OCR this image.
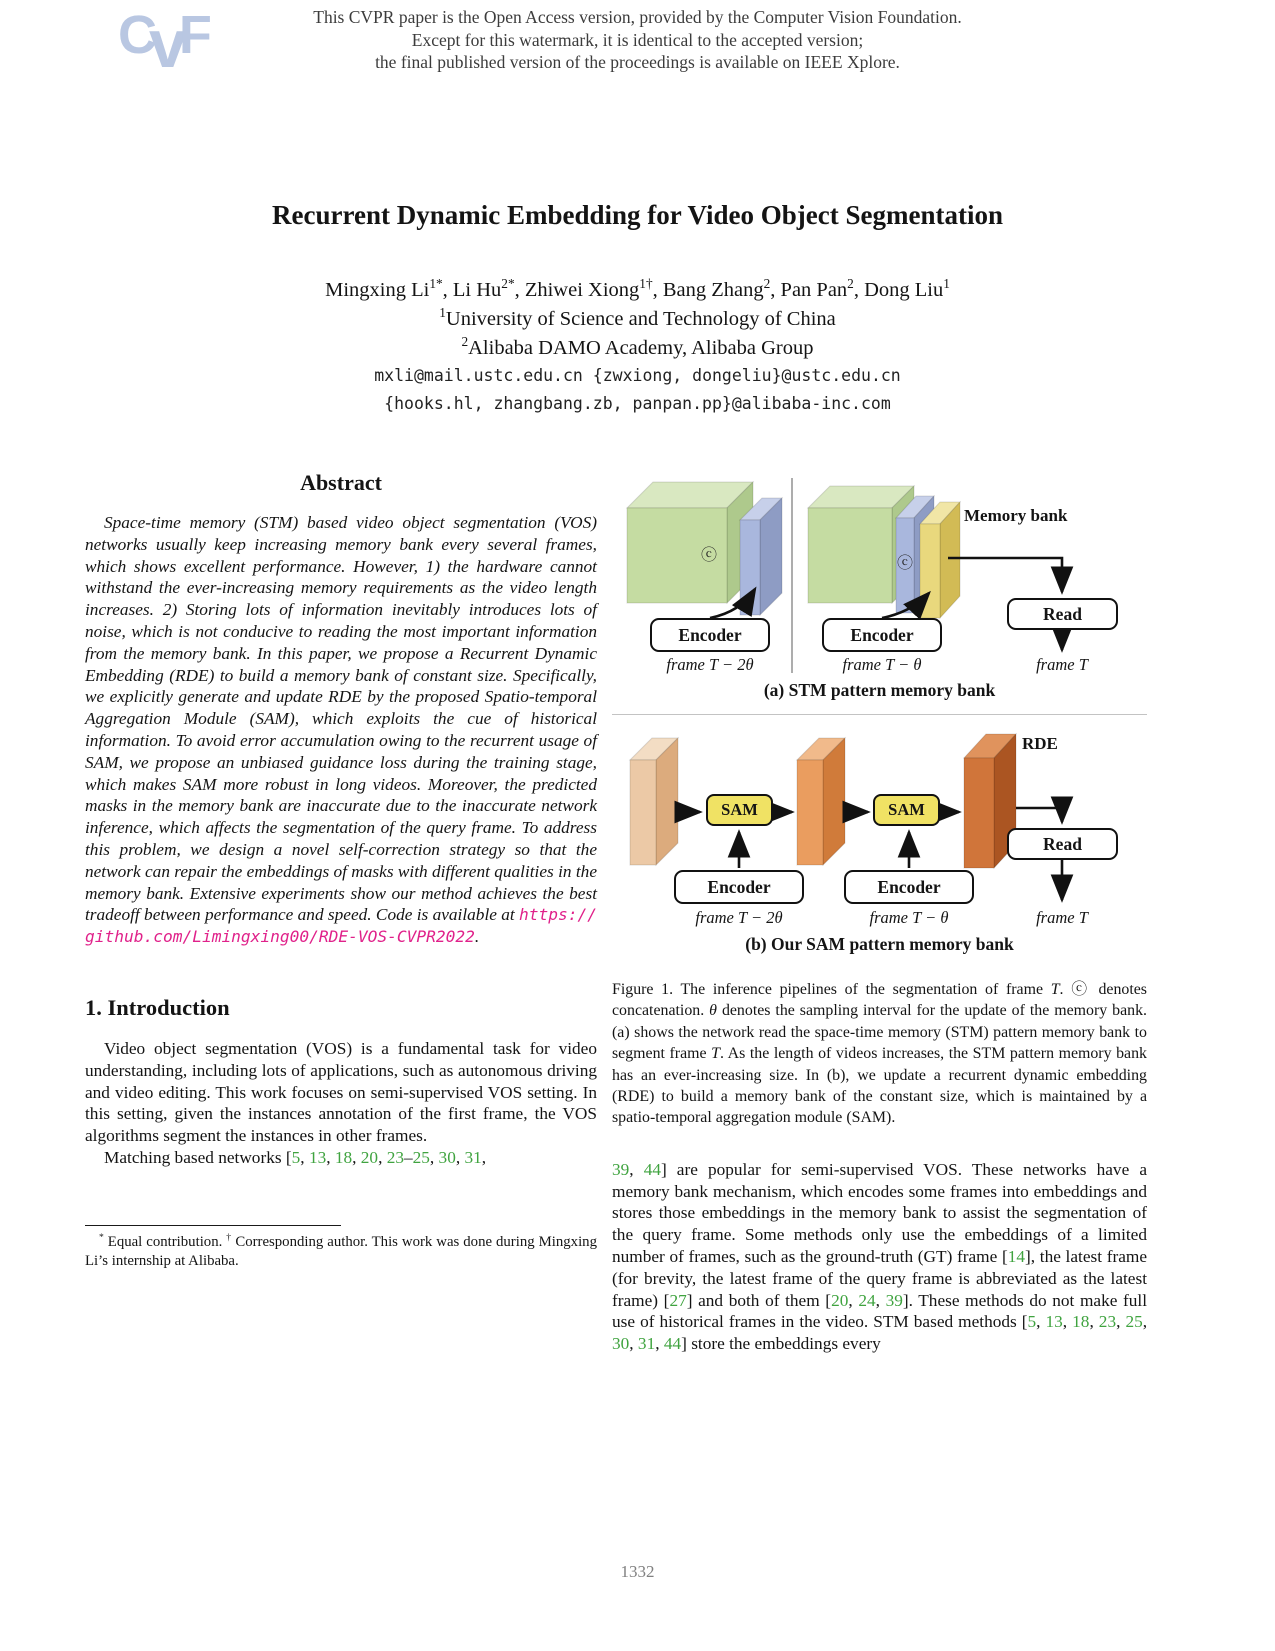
CvF	This CVPR paper is the Open Access version, provided by the Computer Vision Foundation.
Except for this watermark, it is identical to the accepted version;
the final published version of the proceedings is available on IEEE Xplore.
Recurrent Dynamic Embedding for Video Object Segmentation

Mingxing $Li^{1*}$, Li $Hu^{2*}$, Zhiwei Xiong$^{1\dagger}$, Bang Zhang$^2$, Pan Pan$^2$, Dong Liu$^1$

$^1$University of Science and Technology of China

$^2$Alibaba DAMO Academy, Alibaba Group

mxli@mail.ustc.edu.cn {zwxiong, dongeliu}@ustc.edu.cn

{hooks.hl, zhangbang.zb, panpan.pp}@alibaba-inc.com

Abstract

Space-time memory (STM) based video object segmentation (VOS) networks usually keep increasing memory bank every several frames, which shows excellent performance. However, 1) the hardware cannot withstand the ever-increasing memory requirements as the video length increases. 2) Storing lots of information inevitably introduces lots of noise, which is not conducive to reading the most important information from the memory bank. In this paper, we propose a Recurrent Dynamic Embedding (RDE) to build a memory bank of constant size. Specifically, we explicitly generate and update RDE by the proposed Spatio-temporal Aggregation Module (SAM), which exploits the cue of historical information. To avoid error accumulation owing to the recurrent usage of SAM, we propose an unbiased guidance loss during the training stage, which makes SAM more robust in long videos. Moreover, the predicted masks in the memory bank are inaccurate due to the inaccurate network inference, which affects the segmentation of the query frame. To address this problem, we design a novel self-correction strategy so that the network can repair the embeddings of masks with different qualities in the memory bank. Extensive experiments show our method achieves the best tradeoff between performance and speed. Code is available at https://github.com/Limingxing00/RDE-VOS-CVPR2022.

1. Introduction

Video object segmentation (VOS) is a fundamental task for video understanding, including lots of applications, such as autonomous driving and video editing. This work focuses on semi-supervised VOS setting. In this setting, given the instances annotation of the first frame, the VOS algorithms segment the instances in other frames.

Matching based networks [5, 13, 18, 20, 23–25, 30, 31,

* Equal contribution. † Corresponding author. This work was done during Mingxing Li’s internship at Alibaba.

ⓒ	ⓒ
Memory bank
Encoder	Encoder
Read
frame T − 2θ	frame T − θ	frame T
(a) STM pattern memory bank
RDE
SAM	SAM
Encoder	Encoder
Read
frame T − 2θ	frame T − θ	frame T
(b) Our SAM pattern memory bank

Figure 1. The inference pipelines of the segmentation of frame T. ⓒ denotes concatenation. θ denotes the sampling interval for the update of the memory bank. (a) shows the network read the space-time memory (STM) pattern memory bank to segment frame T. As the length of videos increases, the STM pattern memory bank has an ever-increasing size. In (b), we update a recurrent dynamic embedding (RDE) to build a memory bank of the constant size, which is maintained by a spatio-temporal aggregation module (SAM).

39, 44] are popular for semi-supervised VOS. These networks have a memory bank mechanism, which encodes some frames into embeddings and stores those embeddings in the memory bank to assist the segmentation of the query frame. Some methods only use the embeddings of a limited number of frames, such as the ground-truth (GT) frame [14], the latest frame (for brevity, the latest frame of the query frame is abbreviated as the latest frame) [27] and both of them [20, 24, 39]. These methods do not make full use of historical frames in the video. STM based methods [5, 13, 18, 23, 25, 30, 31, 44] store the embeddings every

1332
